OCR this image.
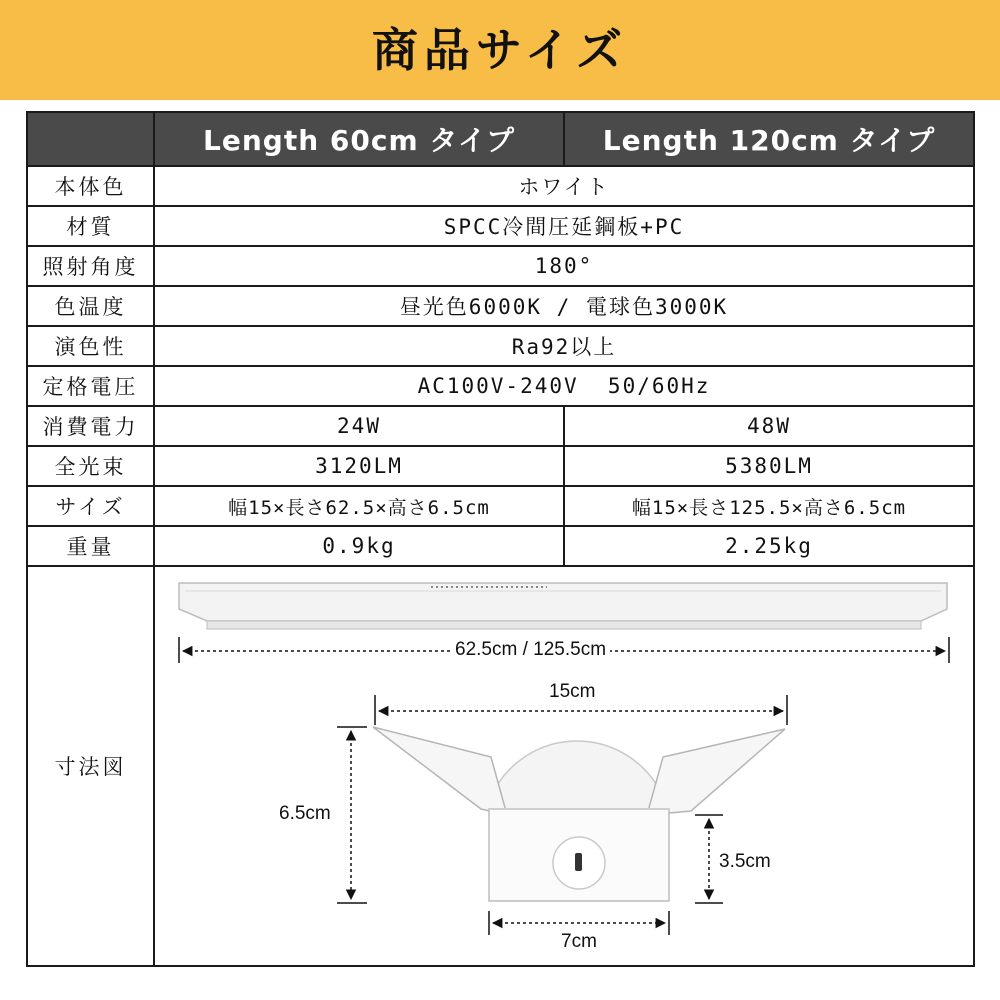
商品サイズ
	Length 60cm タイプ	Length 120cm タイプ
本体色	ホワイト	
材質	SPCC冷間圧延鋼板+PC	
照射角度	180°	
色温度	昼光色6000K / 電球色3000K	
演色性	Ra92以上	
定格電圧	AC100V-240V  50/60Hz	
消費電力	24W	48W
全光束	3120LM	5380LM
サイズ	幅15×長さ62.5×高さ6.5cm	幅15×長さ125.5×高さ6.5cm
重量	0.9kg	2.25kg
寸法図	62.5cm / 125.5cm
15cm
6.5cm
3.5cm
7cm	
